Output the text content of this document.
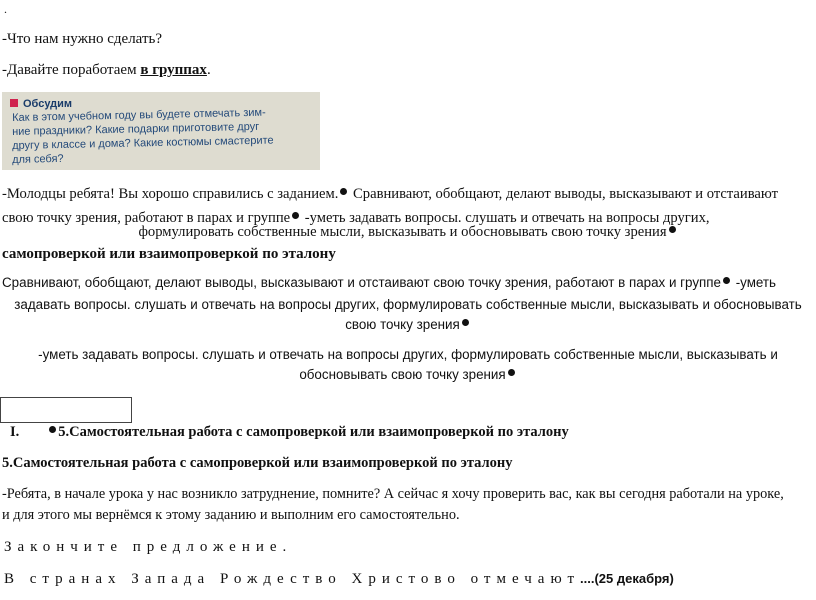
.
-Что нам нужно сделать?
-Давайте поработаем в группах.
Обсудим
Как в этом учебном году вы будете отмечать зим-
ние праздники? Какие подарки приготовите друг
другу в классе и дома? Какие костюмы смастерите
для себя?
-Молодцы ребята! Вы хорошо справились с заданием. Сравнивают, обобщают, делают выводы, высказывают и отстаивают
свою точку зрения, работают в парах и группе -уметь задавать вопросы. слушать и отвечать на вопросы других,
формулировать собственные мысли, высказывать и обосновывать свою точку зрения
самопроверкой или взаимопроверкой по эталону
Сравнивают, обобщают, делают выводы, высказывают и отстаивают свою точку зрения, работают в парах и группе -уметь
задавать вопросы. слушать и отвечать на вопросы других, формулировать собственные мысли, высказывать и обосновывать
свою точку зрения
-уметь задавать вопросы. слушать и отвечать на вопросы других, формулировать собственные мысли, высказывать и
обосновывать свою точку зрения
I.	5.Самостоятельная работа с самопроверкой или взаимопроверкой по эталону
5.Самостоятельная работа с самопроверкой или взаимопроверкой по эталону
-Ребята, в начале урока у нас возникло затруднение, помните? А сейчас я хочу проверить вас, как вы сегодня работали на уроке,
и для этого мы вернёмся к этому заданию и выполним его самостоятельно.
Закончите предложение.
В странах Запада Рождество Христово отмечают....(25 декабря)
